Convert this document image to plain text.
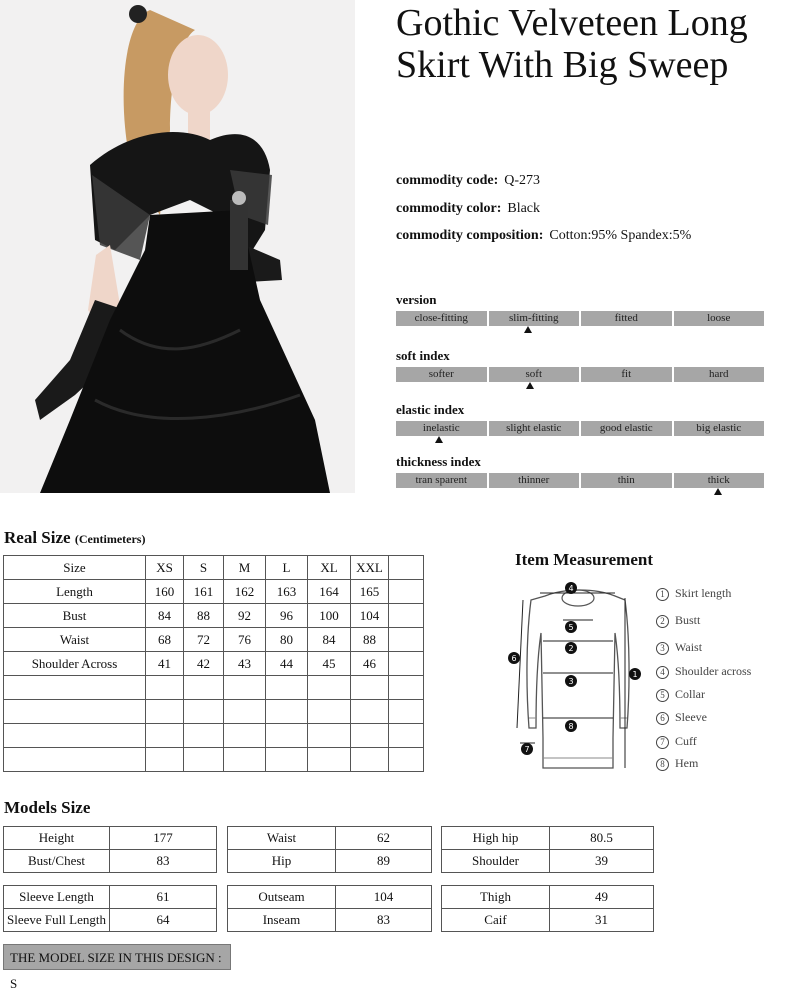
Gothic Velveteen Long Skirt With Big Sweep
commodity code: Q-273
commodity color: Black
commodity composition: Cotton:95% Spandex:5%
version
close-fitting	slim-fitting	fitted	loose
soft index
softer	soft	fit	hard
elastic index
inelastic	slight elastic	good elastic	big elastic
thickness index
tran sparent	thinner	thin	thick
Real Size (Centimeters)
Size	XS	S	M	L	XL	XXL	
Length	160	161	162	163	164	165	
Bust	84	88	92	96	100	104	
Waist	68	72	76	80	84	88	
Shoulder Across	41	42	43	44	45	46	

Item Measurement
4
5
2
3
8
1
6
7
1 Skirt length
2 Bustt
3 Waist
4 Shoulder across
5 Collar
6 Sleeve
7 Cuff
8 Hem
Models Size
Height	177
Bust/Chest	83
Waist	62
Hip	89
High hip	80.5
Shoulder	39
Sleeve Length	61
Sleeve Full Length	64
Outseam	104
Inseam	83
Thigh	49
Caif	31
THE MODEL SIZE IN THIS DESIGN : S
